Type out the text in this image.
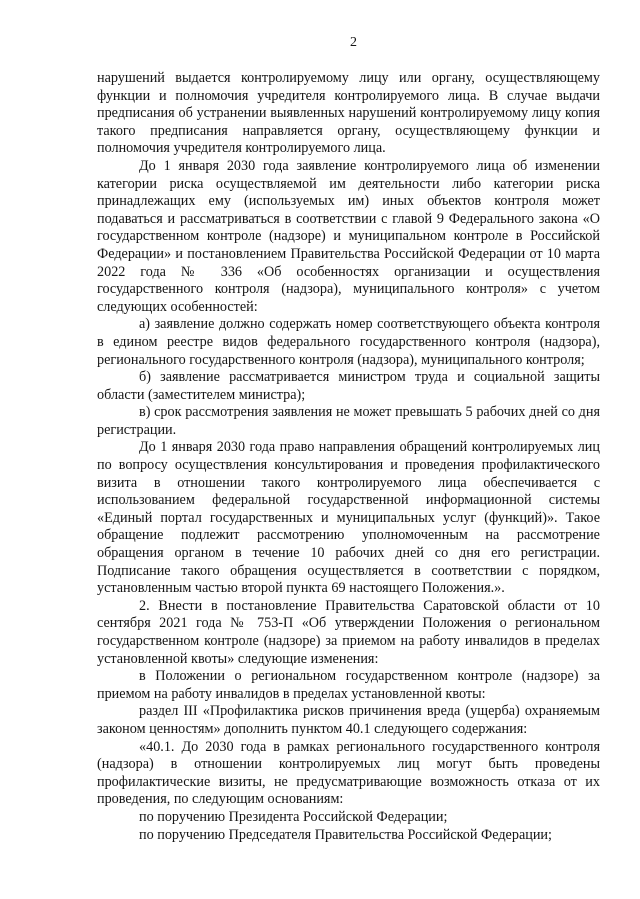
2

нарушений выдается контролируемому лицу или органу, осуществляющему функции и полномочия учредителя контролируемого лица. В случае выдачи предписания об устранении выявленных нарушений контролируемому лицу копия такого предписания направляется органу, осуществляющему функции и полномочия учредителя контролируемого лица.

До 1 января 2030 года заявление контролируемого лица об изменении категории риска осуществляемой им деятельности либо категории риска принадлежащих ему (используемых им) иных объектов контроля может подаваться и рассматриваться в соответствии с главой 9 Федерального закона «О государственном контроле (надзоре) и муниципальном контроле в Российской Федерации» и постановлением Правительства Российской Федерации от 10 марта 2022 года № 336 «Об особенностях организации и осуществления государственного контроля (надзора), муниципального контроля» с учетом следующих особенностей:

а) заявление должно содержать номер соответствующего объекта контроля в едином реестре видов федерального государственного контроля (надзора), регионального государственного контроля (надзора), муниципального контроля;

б) заявление рассматривается министром труда и социальной защиты области (заместителем министра);

в) срок рассмотрения заявления не может превышать 5 рабочих дней со дня регистрации.

До 1 января 2030 года право направления обращений контролируемых лиц по вопросу осуществления консультирования и проведения профилактического визита в отношении такого контролируемого лица обеспечивается с использованием федеральной государственной информационной системы «Единый портал государственных и муниципальных услуг (функций)». Такое обращение подлежит рассмотрению уполномоченным на рассмотрение обращения органом в течение 10 рабочих дней со дня его регистрации. Подписание такого обращения осуществляется в соответствии с порядком, установленным частью второй пункта 69 настоящего Положения.».

2. Внести в постановление Правительства Саратовской области от 10 сентября 2021 года № 753-П «Об утверждении Положения о региональном государственном контроле (надзоре) за приемом на работу инвалидов в пределах установленной квоты» следующие изменения:

в Положении о региональном государственном контроле (надзоре) за приемом на работу инвалидов в пределах установленной квоты:

раздел III «Профилактика рисков причинения вреда (ущерба) охраняемым законом ценностям» дополнить пунктом 40.1 следующего содержания:

«40.1. До 2030 года в рамках регионального государственного контроля (надзора) в отношении контролируемых лиц могут быть проведены профилактические визиты, не предусматривающие возможность отказа от их проведения, по следующим основаниям:

по поручению Президента Российской Федерации;

по поручению Председателя Правительства Российской Федерации;
